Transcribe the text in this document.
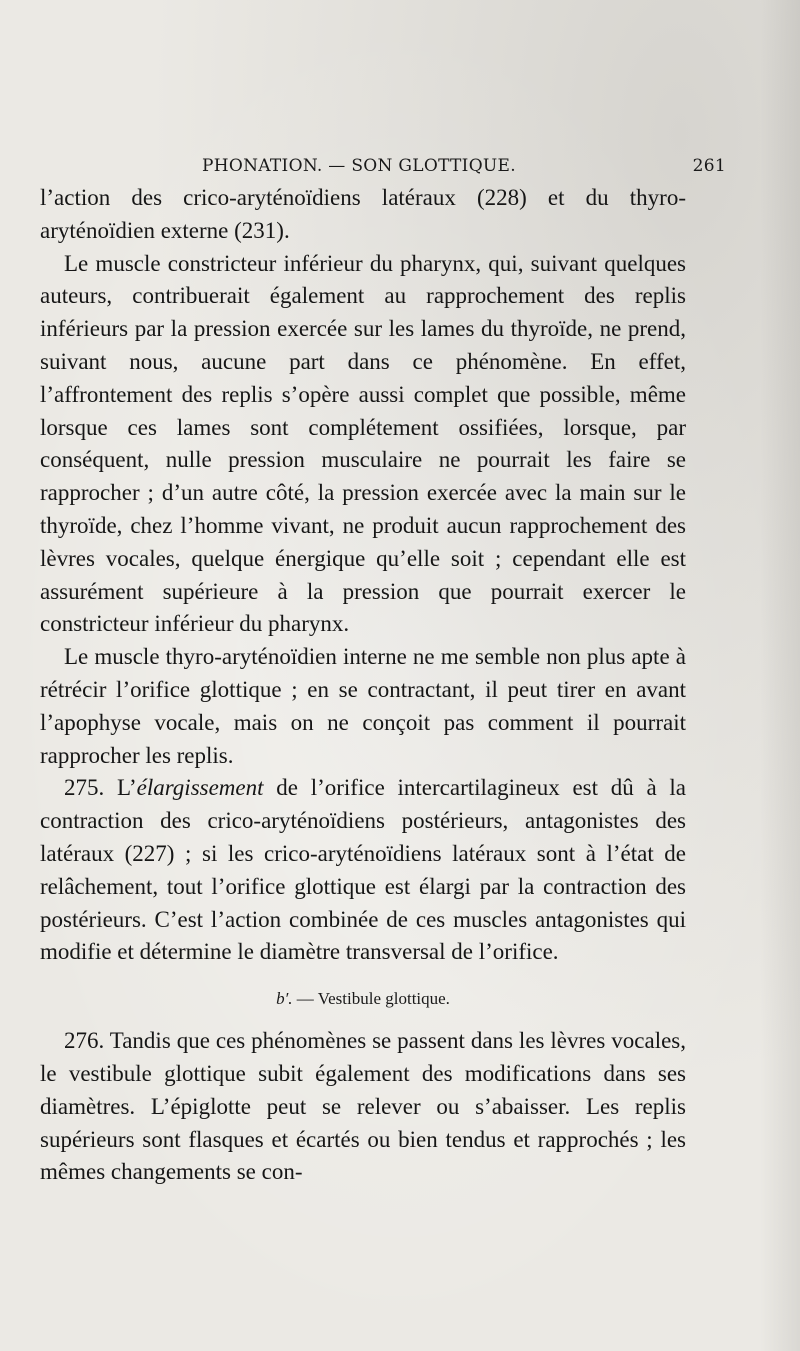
PHONATION. — SON GLOTTIQUE.	261

l’action des crico-aryténoïdiens latéraux (228) et du thyro-aryténoïdien externe (231).

Le muscle constricteur inférieur du pharynx, qui, suivant quelques auteurs, contribuerait également au rapprochement des replis inférieurs par la pression exercée sur les lames du thyroïde, ne prend, suivant nous, aucune part dans ce phénomène. En effet, l’affrontement des replis s’opère aussi complet que possible, même lorsque ces lames sont complétement ossifiées, lorsque, par conséquent, nulle pression musculaire ne pourrait les faire se rapprocher ; d’un autre côté, la pression exercée avec la main sur le thyroïde, chez l’homme vivant, ne produit aucun rapprochement des lèvres vocales, quelque énergique qu’elle soit ; cependant elle est assurément supérieure à la pression que pourrait exercer le constricteur inférieur du pharynx.

Le muscle thyro-aryténoïdien interne ne me semble non plus apte à rétrécir l’orifice glottique ; en se contractant, il peut tirer en avant l’apophyse vocale, mais on ne conçoit pas comment il pourrait rapprocher les replis.

275. L’élargissement de l’orifice intercartilagineux est dû à la contraction des crico-aryténoïdiens postérieurs, antagonistes des latéraux (227) ; si les crico-aryténoïdiens latéraux sont à l’état de relâchement, tout l’orifice glottique est élargi par la contraction des postérieurs. C’est l’action combinée de ces muscles antagonistes qui modifie et détermine le diamètre transversal de l’orifice.

b′. — Vestibule glottique.

276. Tandis que ces phénomènes se passent dans les lèvres vocales, le vestibule glottique subit également des modifications dans ses diamètres. L’épiglotte peut se relever ou s’abaisser. Les replis supérieurs sont flasques et écartés ou bien tendus et rapprochés ; les mêmes changements se con-
